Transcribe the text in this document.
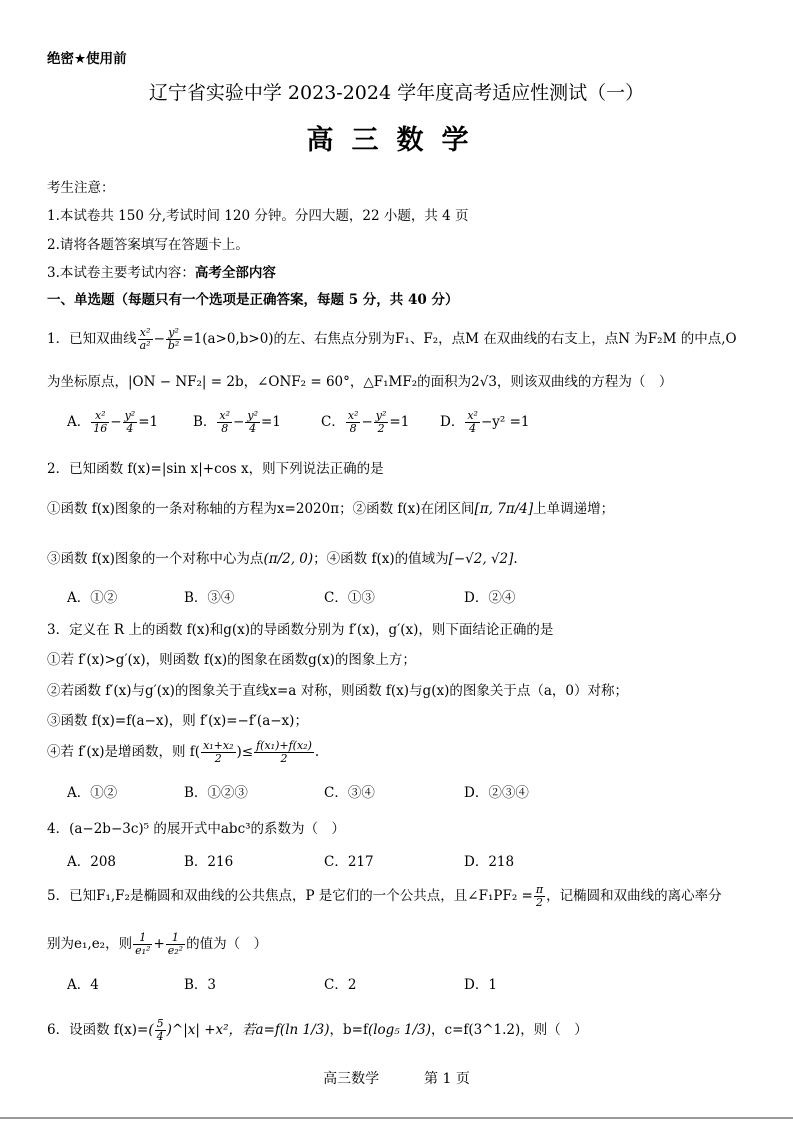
绝密★使用前
辽宁省实验中学 2023-2024 学年度高考适应性测试（一）
高三数学
考生注意：
1.本试卷共 150 分,考试时间 120 分钟。分四大题，22 小题，共 4 页
2.请将各题答案填写在答题卡上。
3.本试卷主要考试内容：高考全部内容
一、单选题（每题只有一个选项是正确答案，每题 5 分，共 40 分）
1．已知双曲线 $\frac{\text{x²}}{\text{a²}} - \frac{\text{y²}}{\text{b²}} =1(a>0,b>0)$的左、右焦点分别为F₁、F₂，点M 在双曲线的右支上，点N 为F₂M 的中点,O
为坐标原点，|ON − NF₂| = 2b，∠ONF₂ = 60°，△F₁MF₂的面积为2√3，则该双曲线的方程为（　）
A． $\frac{\text{x²}}{16} - \frac{\text{y²}}{4} =1$	B． $\frac{\text{x²}}{8} - \frac{\text{y²}}{4} =1$	C． $\frac{\text{x²}}{8} - \frac{\text{y²}}{2} =1$ D． $\frac{\text{x²}}{4} -y^2 =1$
2．已知函数 f(x)=|sin x|+cos x，则下列说法正确的是
①函数 f(x)图象的一条对称轴的方程为x=2020π；②函数 f(x)在闭区间[π, 7π/4]上单调递增；
③函数 f(x)图象的一个对称中心为点(π/2, 0)；④函数 f(x)的值域为[−√2, √2].
A．①②	B．③④	C．①③	D．②④
3．定义在 R 上的函数 f(x)和g(x)的导函数分别为 f′(x)，g′(x)，则下面结论正确的是
①若 f′(x)>g′(x)，则函数 f(x)的图象在函数g(x)的图象上方；
②若函数 f′(x)与g′(x)的图象关于直线x=a 对称，则函数 f(x)与g(x)的图象关于点（a，0）对称；
③函数 f(x)=f(a−x)，则 f′(x)=−f′(a−x)；
④若 f′(x)是增函数，则 $f( \frac{\text{x₁+x₂}}{2}$ )≤ $\frac{\text{f(x₁)+f(x₂)}}{2}$ .
A．①②	B．①②③	C．③④	D．②③④
4．(a−2b−3c)⁵ 的展开式中abc³的系数为（　）
A．208	B．216	C．217	D．218
5．已知F₁,F₂是椭圆和双曲线的公共焦点，P 是它们的一个公共点，且∠F₁PF₂ = $\frac{\pi}{2}$ ，记椭圆和双曲线的离心率分
别为e₁,e₂，则 $\frac{1}{\text{e₁²}} + \frac{1}{\text{e₂²}}$ 的值为（　）
A．4	B．3	C．2	D．1
6．设函数 $f(x)=( \frac{5}{4}$ )^|x| +x²，若a=f(ln 1/3)，b=f(log₅ 1/3)，c=f(3^1.2)，则（　）
高三数学	第 1 页
